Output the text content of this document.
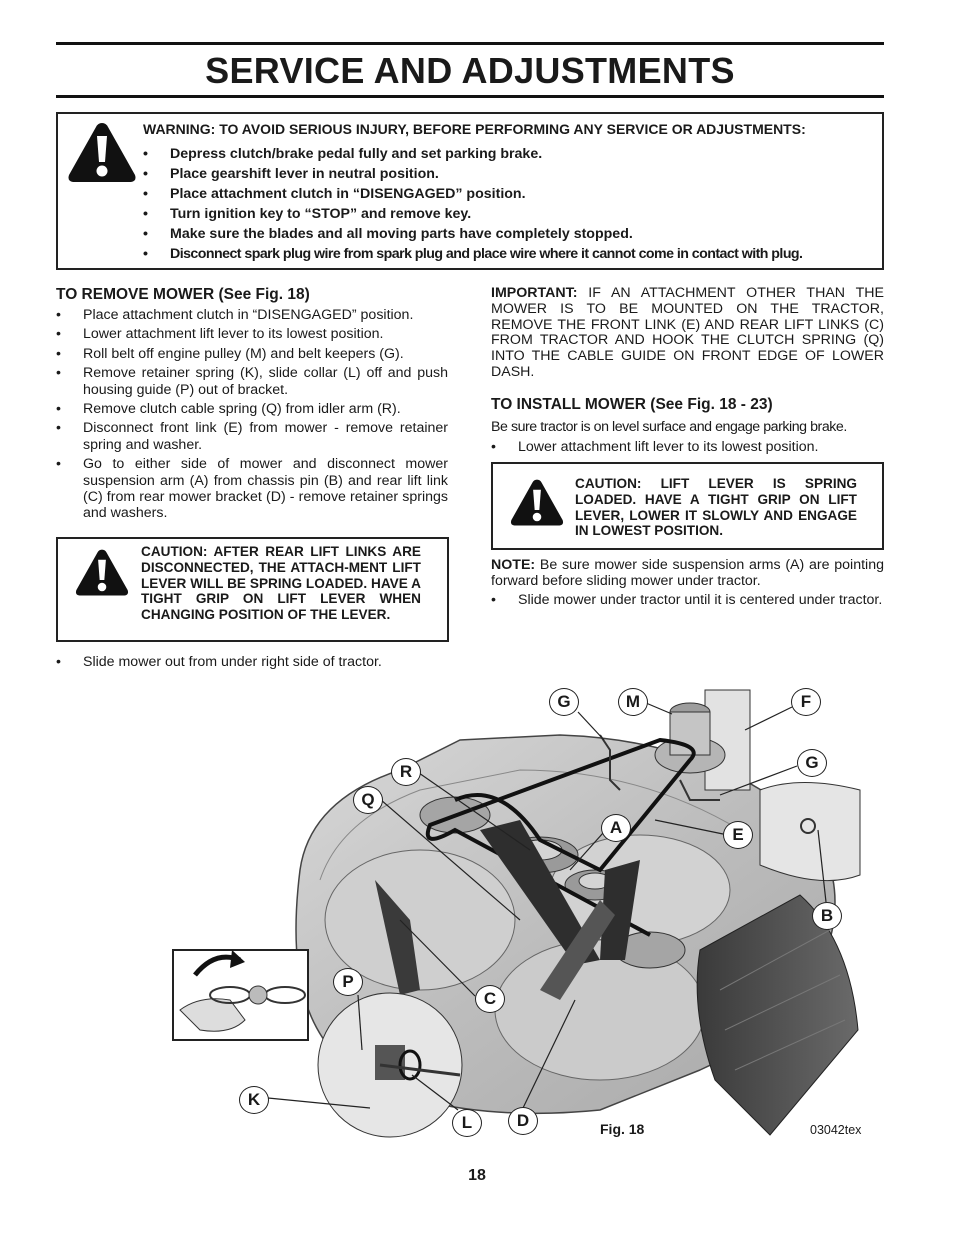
SERVICE AND ADJUSTMENTS
WARNING: TO AVOID SERIOUS INJURY, BEFORE PERFORMING ANY SERVICE OR ADJUSTMENTS:
• Depress clutch/brake pedal fully and set parking brake.
• Place gearshift lever in neutral position.
• Place attachment clutch in “DISENGAGED” position.
• Turn ignition key to “STOP” and remove key.
• Make sure the blades and all moving parts have completely stopped.
• Disconnect spark plug wire from spark plug and place wire where it cannot come in contact with plug.
TO REMOVE MOWER (See Fig. 18)
• Place attachment clutch in “DISENGAGED” position.
• Lower attachment lift lever to its lowest position.
• Roll belt off engine pulley (M) and belt keepers (G).
• Remove retainer spring (K), slide collar (L) off and push housing guide (P) out of bracket.
• Remove clutch cable spring (Q) from idler arm (R).
• Disconnect front link (E) from mower - remove retainer spring and washer.
• Go to either side of mower and disconnect mower suspension arm (A) from chassis pin (B) and rear lift link (C) from rear mower bracket (D) - remove retainer springs and washers.
CAUTION: AFTER REAR LIFT LINKS ARE DISCONNECTED, THE ATTACH-MENT LIFT LEVER WILL BE SPRING LOADED. HAVE A TIGHT GRIP ON LIFT LEVER WHEN CHANGING POSITION OF THE LEVER.
• Slide mower out from under right side of tractor.
IMPORTANT: IF AN ATTACHMENT OTHER THAN THE MOWER IS TO BE MOUNTED ON THE TRACTOR, REMOVE THE FRONT LINK (E) AND REAR LIFT LINKS (C) FROM TRACTOR AND HOOK THE CLUTCH SPRING (Q) INTO THE CABLE GUIDE ON FRONT EDGE OF LOWER DASH.
TO INSTALL MOWER (See Fig. 18 - 23)
Be sure tractor is on level surface and engage parking brake.
• Lower attachment lift lever to its lowest position.
CAUTION: LIFT LEVER IS SPRING LOADED. HAVE A TIGHT GRIP ON LIFT LEVER, LOWER IT SLOWLY AND ENGAGE IN LOWEST POSITION.
NOTE: Be sure mower side suspension arms (A) are pointing forward before sliding mower under tractor.
• Slide mower under tractor until it is centered under tractor.
G	M	F
G
R
Q
A	E
B
P
C
K
L	D	Fig. 18	03042tex
18
